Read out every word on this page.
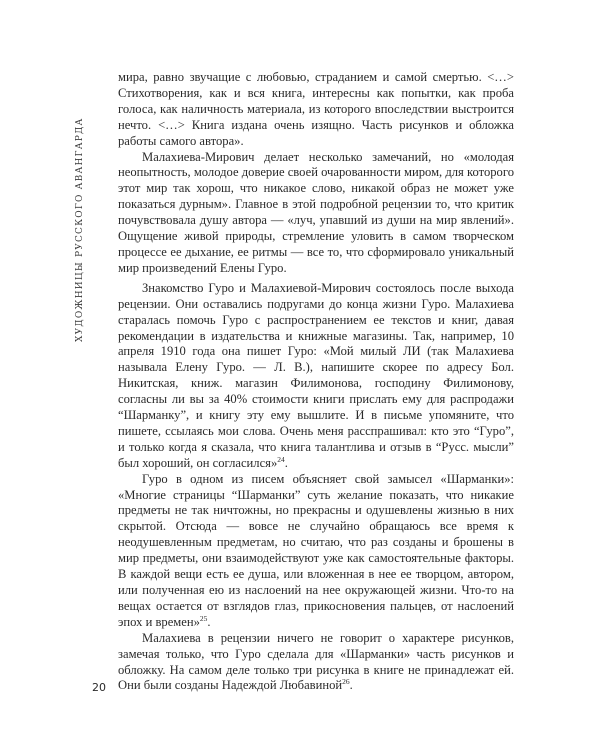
ХУДОЖНИЦЫ РУССКОГО АВАНГАРДА

мира, равно звучащие с любовью, страданием и самой смертью. <…> Стихотворения, как и вся книга, интересны как попытки, как проба голоса, как наличность материала, из которого впоследствии выстроится нечто. <…> Книга издана очень изящно. Часть рисунков и обложка работы самого автора».

Малахиева-Мирович делает несколько замечаний, но «молодая неопытность, молодое доверие своей очарованности миром, для которого этот мир так хорош, что никакое слово, никакой образ не может уже показаться дурным». Главное в этой подробной рецензии то, что критик почувствовала душу автора — «луч, упавший из души на мир явлений». Ощущение живой природы, стремление уловить в самом творческом процессе ее дыхание, ее ритмы — все то, что сформировало уникальный мир произведений Елены Гуро.

Знакомство Гуро и Малахиевой-Мирович состоялось после выхода рецензии. Они оставались подругами до конца жизни Гуро. Малахиева старалась помочь Гуро с распространением ее текстов и книг, давая рекомендации в издательства и книжные магазины. Так, например, 10 апреля 1910 года она пишет Гуро: «Мой милый ЛИ (так Малахиева называла Елену Гуро. — Л. В.), напишите скорее по адресу Бол. Никитская, книж. магазин Филимонова, господину Филимонову, согласны ли вы за 40% стоимости книги прислать ему для распродажи “Шарманку”, и книгу эту ему вышлите. И в письме упомяните, что пишете, ссылаясь мои слова. Очень меня расспрашивал: кто это “Гуро”, и только когда я сказала, что книга талантлива и отзыв в “Русс. мысли” был хороший, он согласился»$^{24}$.

Гуро в одном из писем объясняет свой замысел «Шарманки»: «Многие страницы “Шарманки” суть желание показать, что никакие предметы не так ничтожны, но прекрасны и одушевлены жизнью в них скрытой. Отсюда — вовсе не случайно обращаюсь все время к неодушевленным предметам, но считаю, что раз созданы и брошены в мир предметы, они взаимодействуют уже как самостоятельные факторы. В каждой вещи есть ее душа, или вложенная в нее ее творцом, автором, или полученная ею из наслоений на нее окружающей жизни. Что-то на вещах остается от взглядов глаз, прикосновения пальцев, от наслоений эпох и времен»$^{25}$.

Малахиева в рецензии ничего не говорит о характере рисунков, замечая только, что Гуро сделала для «Шарманки» часть рисунков и обложку. На самом деле только три рисунка в книге не принадлежат ей. Они были созданы Надеждой Любавиной$^{26}$.

20
